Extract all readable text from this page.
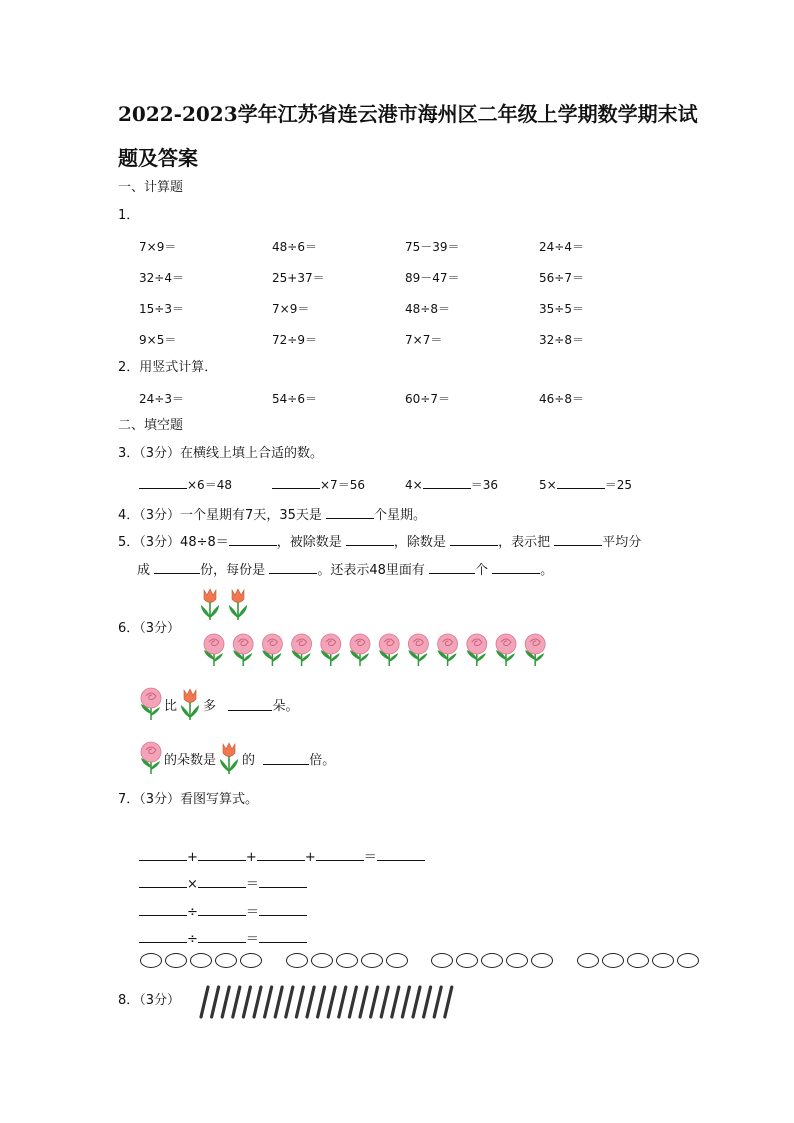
2022-2023学年江苏省连云港市海州区二年级上学期数学期末试题及答案
一、计算题
1．
7×9＝	48÷6＝	75－39＝	24÷4＝
32÷4＝	25+37＝	89－47＝	56÷7＝
15÷3＝	7×9＝	48÷8＝	35÷5＝
9×5＝	72÷9＝	7×7＝	32÷8＝
2．用竖式计算．
24÷3＝	54÷6＝	60÷7＝	46÷8＝
二、填空题
3．（3分）在横线上填上合适的数。
×6＝48	×7＝56	4×	＝36	5×	＝25
4．（3分）一个星期有7天，35天是	个星期。
5．（3分）48÷8＝	，被除数是	，除数是	，表示把	平均分
成	份，每份是	。还表示48里面有	个	。
6．（3分）
比 多
	朵。
的朵数是 的
	倍。
7．（3分）看图写算式。
+	+	+	＝
×	＝
÷	＝
÷	＝
8．（3分）
